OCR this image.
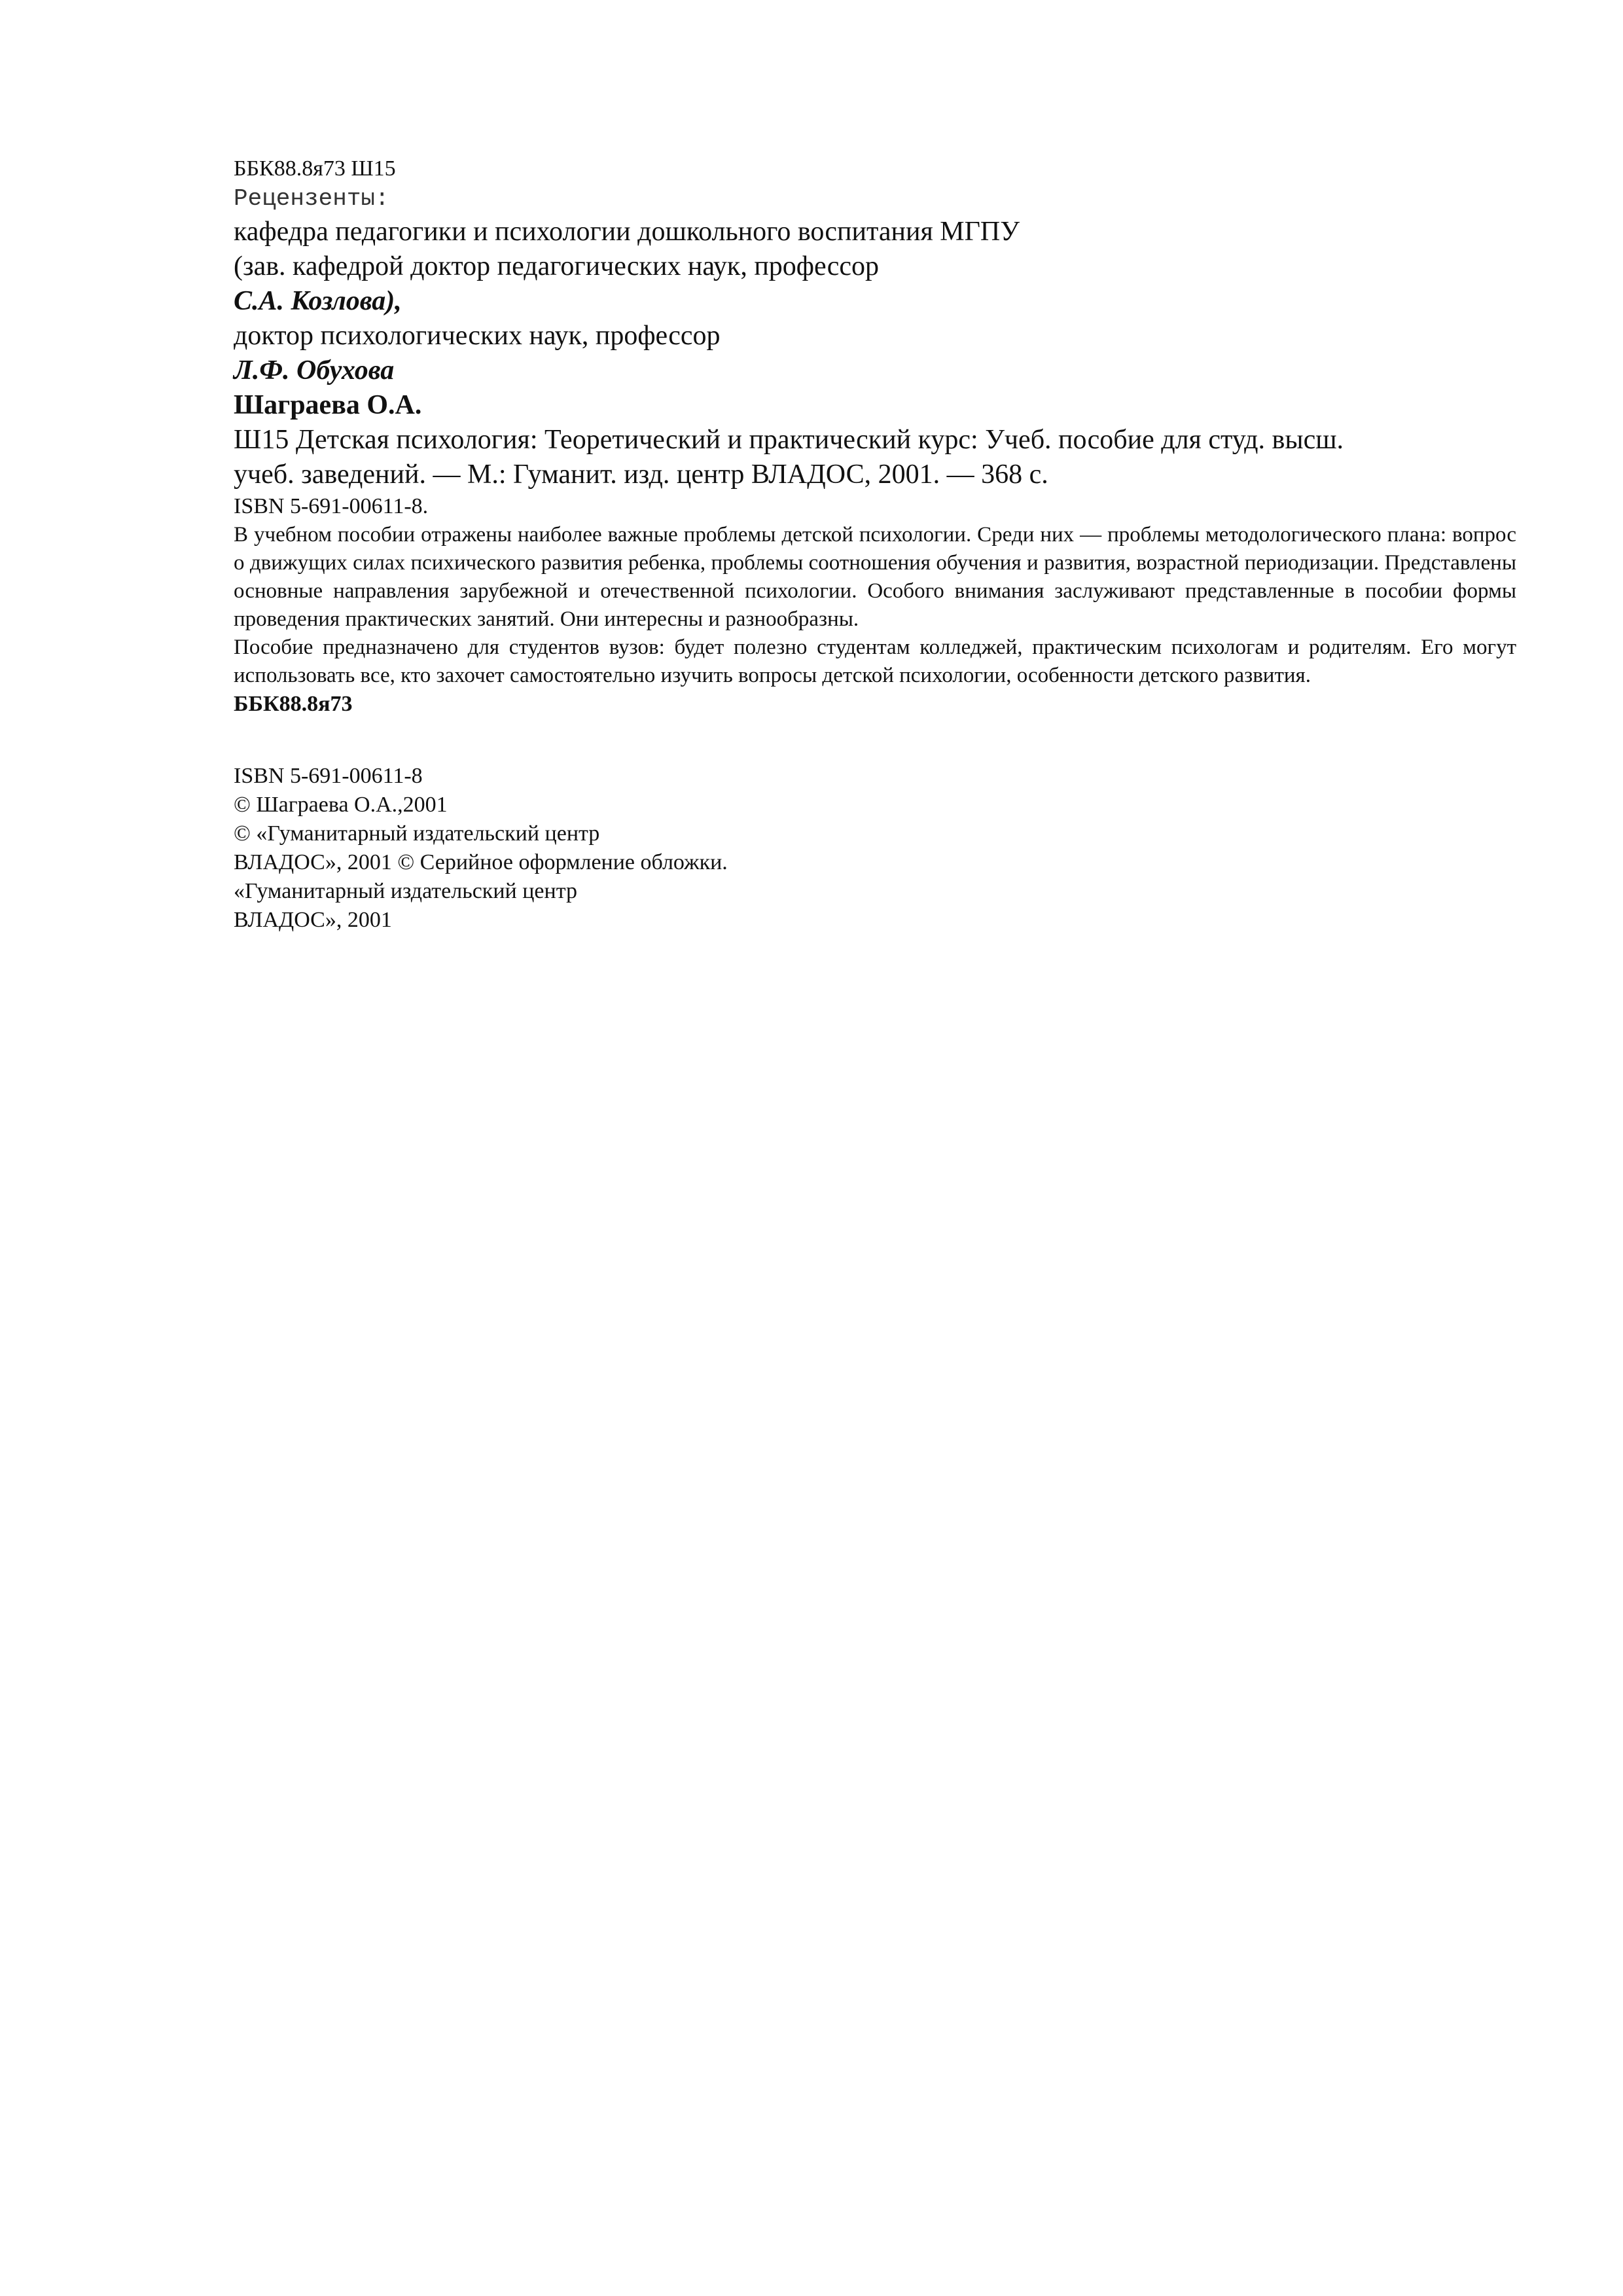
ББК88.8я73 Ш15

Рецензенты:

кафедра педагогики и психологии дошкольного воспитания МГПУ

(зав. кафедрой доктор педагогических наук, профессор

С.А. Козлова),

доктор психологических наук, профессор

Л.Ф. Обухова

Шаграева О.А.

Ш15 Детская психология: Теоретический и практический курс: Учеб. пособие для студ. высш.

учеб. заведений. — М.: Гуманит. изд. центр ВЛАДОС, 2001. — 368 с.

ISBN 5-691-00611-8.

В учебном пособии отражены наиболее важные проблемы детской психологии. Среди них — проблемы методологического плана: вопрос о движущих силах психического развития ребенка, проблемы соотношения обучения и развития, возрастной периодизации. Представлены основные направления зарубежной и отечественной психологии. Особого внимания заслуживают представленные в пособии формы проведения практических занятий. Они интересны и разнообразны.

Пособие предназначено для студентов вузов: будет полезно студентам колледжей, практическим психологам и родителям. Его могут использовать все, кто захочет самостоятельно изучить вопросы детской психологии, особенности детского развития.

ББК88.8я73

ISBN 5-691-00611-8

© Шаграева О.А.,2001

© «Гуманитарный издательский центр

ВЛАДОС», 2001 © Серийное оформление обложки.

«Гуманитарный издательский центр

ВЛАДОС», 2001
